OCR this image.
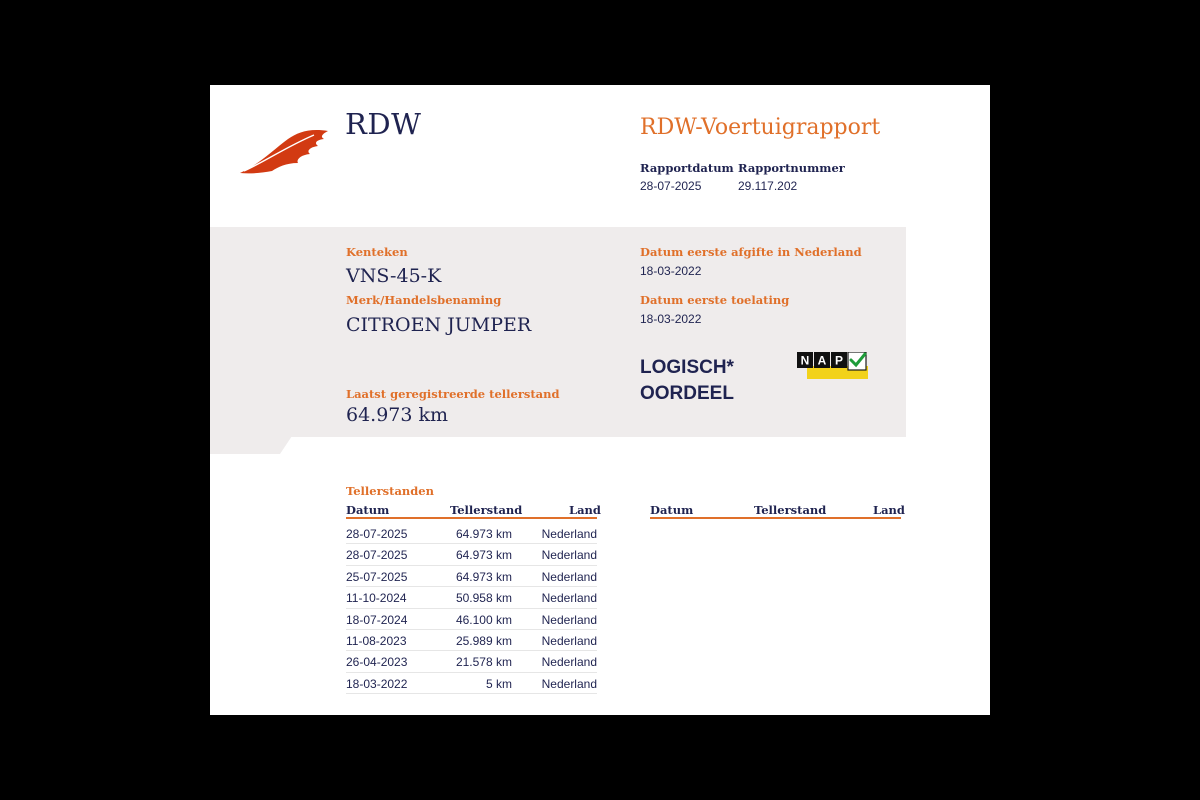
RDW	RDW-Voertuigrapport
Rapportdatum
28-07-2025
Rapportnummer
29.117.202
Kenteken
VNS-45-K
Merk/Handelsbenaming
CITROEN JUMPER
Laatst geregistreerde tellerstand
64.973 km
Datum eerste afgifte in Nederland
18-03-2022
Datum eerste toelating
18-03-2022
LOGISCH*
OORDEEL
N A P
Tellerstanden
Datum	Tellerstand	Land	Datum	Tellerstand	Land
28-07-2025	64.973 km Nederland
28-07-2025	64.973 km Nederland
25-07-2025	64.973 km Nederland
11-10-2024	50.958 km Nederland
18-07-2024	46.100 km Nederland
11-08-2023	25.989 km Nederland
26-04-2023	21.578 km Nederland
18-03-2022	5 km Nederland
